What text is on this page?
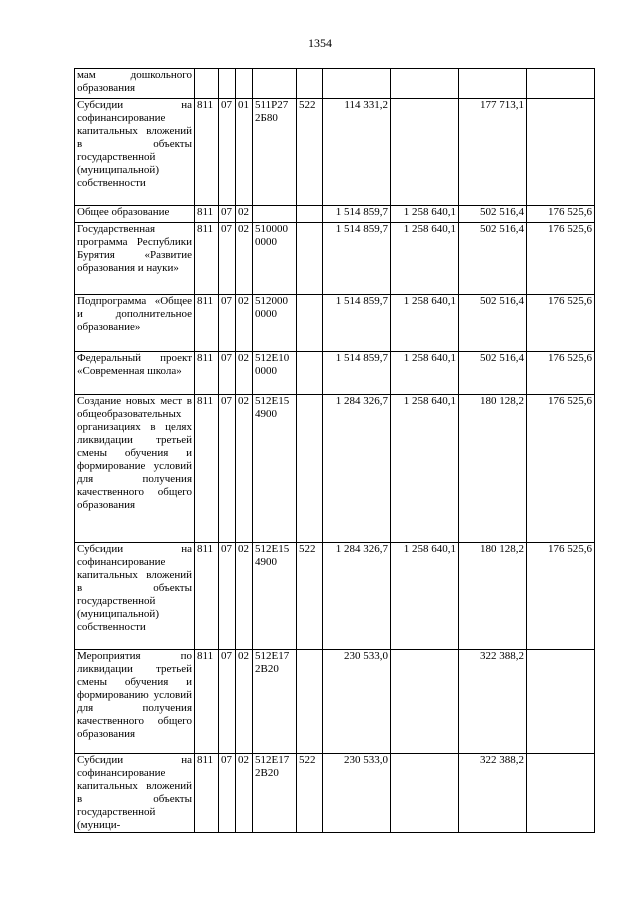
1354
мам дошкольного образования									
Субсидии на софинансирование капитальных вложений в объекты государственной (муниципальной) собственности	811	07	01	511P27 2Б80	522	114 331,2		177 713,1	
Общее образование	811	07	02			1 514 859,7	1 258 640,1	502 516,4	176 525,6
Государственная программа Республики Бурятия «Развитие образования и науки»	811	07	02	510000 0000		1 514 859,7	1 258 640,1	502 516,4	176 525,6
Подпрограмма «Общее и дополнительное образование»	811	07	02	512000 0000		1 514 859,7	1 258 640,1	502 516,4	176 525,6
Федеральный проект «Современная школа»	811	07	02	512E10 0000		1 514 859,7	1 258 640,1	502 516,4	176 525,6
Создание новых мест в общеобразовательных организациях в целях ликвидации третьей смены обучения и формирование условий для получения качественного общего образования	811	07	02	512E15 4900		1 284 326,7	1 258 640,1	180 128,2	176 525,6
Субсидии на софинансирование капитальных вложений в объекты государственной (муниципальной) собственности	811	07	02	512E15 4900	522	1 284 326,7	1 258 640,1	180 128,2	176 525,6
Мероприятия по ликвидации третьей смены обучения и формированию условий для получения качественного общего образования	811	07	02	512E17 2В20		230 533,0		322 388,2	
Субсидии на софинансирование капитальных вложений в объекты государственной (муници-	811	07	02	512E17 2В20	522	230 533,0		322 388,2	
